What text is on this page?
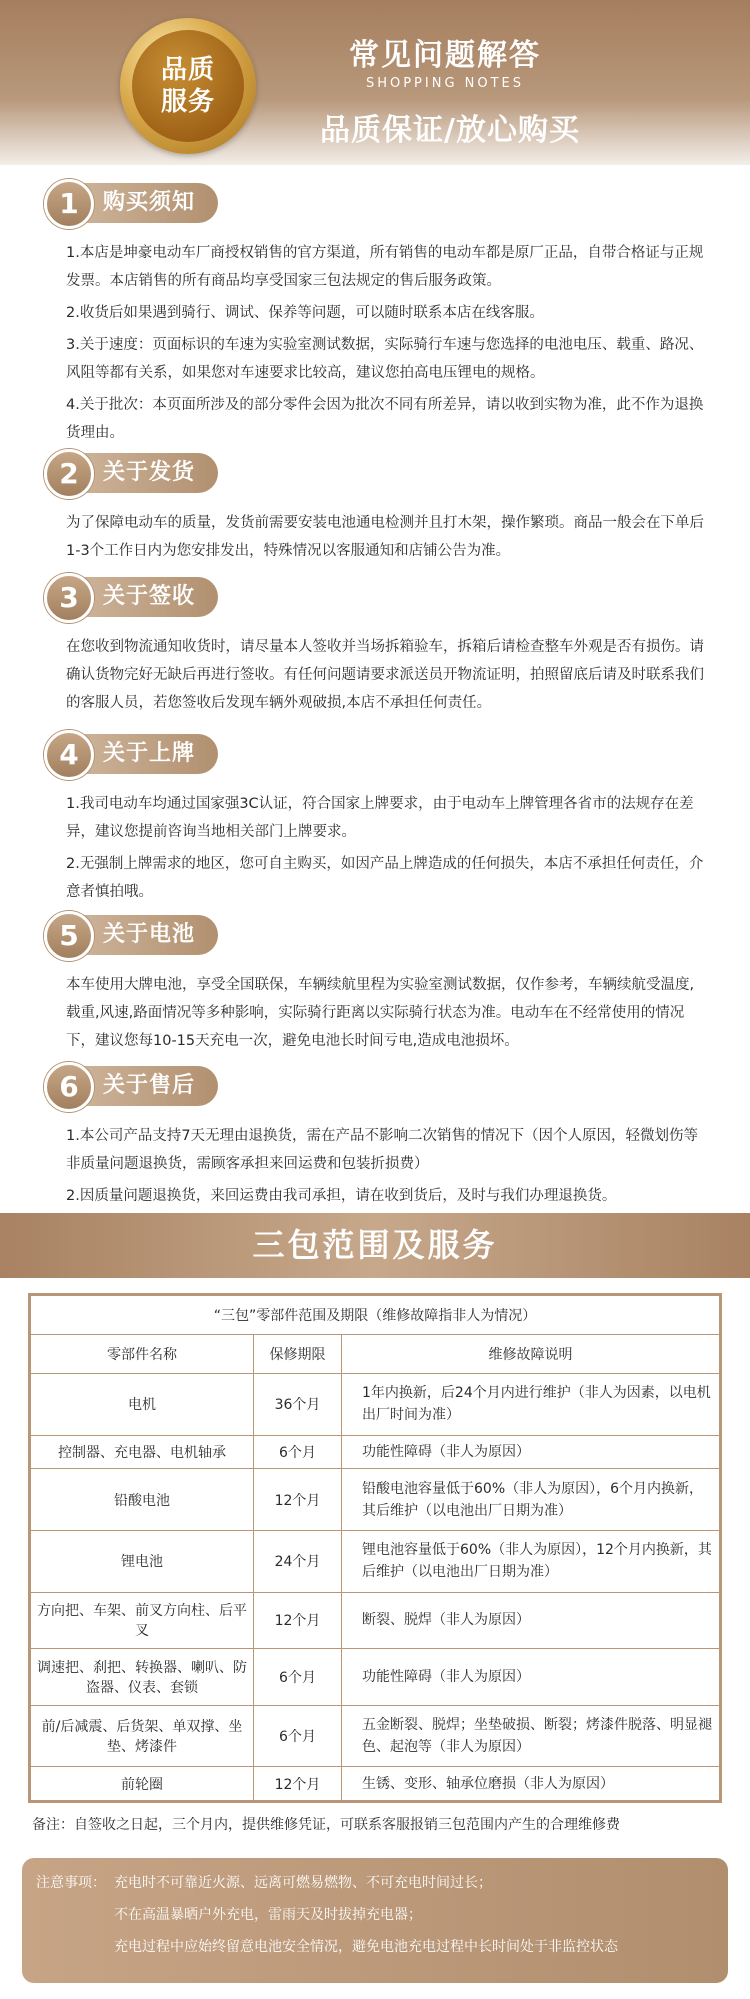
品质
服务
常见问题解答
SHOPPING NOTES
品质保证/放心购买
1	购买须知

1.本店是坤豪电动车厂商授权销售的官方渠道，所有销售的电动车都是原厂正品，自带合格证与正规发票。本店销售的所有商品均享受国家三包法规定的售后服务政策。

2.收货后如果遇到骑行、调试、保养等问题，可以随时联系本店在线客服。

3.关于速度：页面标识的车速为实验室测试数据，实际骑行车速与您选择的电池电压、载重、路况、风阻等都有关系，如果您对车速要求比较高，建议您拍高电压锂电的规格。

4.关于批次：本页面所涉及的部分零件会因为批次不同有所差异，请以收到实物为准，此不作为退换货理由。

2	关于发货

为了保障电动车的质量，发货前需要安装电池通电检测并且打木架，操作繁琐。商品一般会在下单后1-3个工作日内为您安排发出，特殊情况以客服通知和店铺公告为准。

3	关于签收

在您收到物流通知收货时，请尽量本人签收并当场拆箱验车，拆箱后请检查整车外观是否有损伤。请确认货物完好无缺后再进行签收。有任何问题请要求派送员开物流证明，拍照留底后请及时联系我们的客服人员，若您签收后发现车辆外观破损,本店不承担任何责任。

4	关于上牌

1.我司电动车均通过国家强3C认证，符合国家上牌要求，由于电动车上牌管理各省市的法规存在差异，建议您提前咨询当地相关部门上牌要求。

2.无强制上牌需求的地区，您可自主购买，如因产品上牌造成的任何损失，本店不承担任何责任，介意者慎拍哦。

5	关于电池

本车使用大牌电池，享受全国联保，车辆续航里程为实验室测试数据，仅作参考，车辆续航受温度,载重,风速,路面情况等多种影响，实际骑行距离以实际骑行状态为准。电动车在不经常使用的情况下，建议您每10-15天充电一次，避免电池长时间亏电,造成电池损坏。

6	关于售后

1.本公司产品支持7天无理由退换货，需在产品不影响二次销售的情况下（因个人原因，轻微划伤等非质量问题退换货，需顾客承担来回运费和包装折损费）

2.因质量问题退换货，来回运费由我司承担，请在收到货后，及时与我们办理退换货。

三包范围及服务
“三包”零部件范围及期限（维修故障指非人为情况）		
零部件名称	保修期限	维修故障说明
电机	36个月	1年内换新，后24个月内进行维护（非人为因素，以电机出厂时间为准）
控制器、充电器、电机轴承	6个月	功能性障碍（非人为原因）
铅酸电池	12个月	铅酸电池容量低于60%（非人为原因），6个月内换新，其后维护（以电池出厂日期为准）
锂电池	24个月	锂电池容量低于60%（非人为原因），12个月内换新，其后维护（以电池出厂日期为准）
方向把、车架、前叉方向柱、后平叉	12个月	断裂、脱焊（非人为原因）
调速把、刹把、转换器、喇叭、防盗器、仪表、套锁	6个月	功能性障碍（非人为原因）
前/后减震、后货架、单双撑、坐垫、烤漆件	6个月	五金断裂、脱焊；坐垫破损、断裂；烤漆件脱落、明显褪色、起泡等（非人为原因）
前轮圈	12个月	生锈、变形、轴承位磨损（非人为原因）
备注：自签收之日起，三个月内，提供维修凭证，可联系客服报销三包范围内产生的合理维修费
注意事项： 充电时不可靠近火源、远离可燃易燃物、不可充电时间过长；
不在高温暴晒户外充电，雷雨天及时拔掉充电器；
充电过程中应始终留意电池安全情况，避免电池充电过程中长时间处于非监控状态
